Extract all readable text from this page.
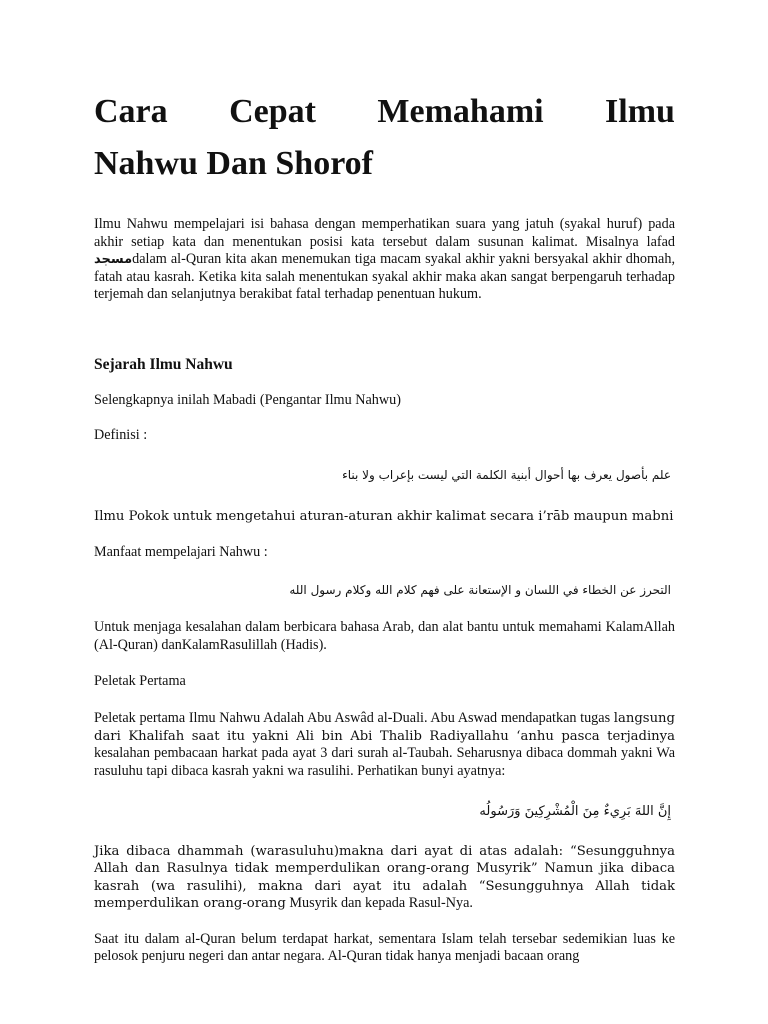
Cara Cepat Memahami Ilmu
Nahwu Dan Shorof

Ilmu Nahwu mempelajari isi bahasa dengan memperhatikan suara yang jatuh (syakal huruf) pada akhir setiap kata dan menentukan posisi kata tersebut dalam susunan kalimat. Misalnya lafad مسجدdalam al-Quran kita akan menemukan tiga macam syakal akhir yakni bersyakal akhir dhomah, fatah atau kasrah. Ketika kita salah menentukan syakal akhir maka akan sangat berpengaruh terhadap terjemah dan selanjutnya berakibat fatal terhadap penentuan hukum.

Sejarah Ilmu Nahwu

Selengkapnya inilah Mabadi (Pengantar Ilmu Nahwu)

Definisi :

علم بأصول يعرف بها أحوال أبنية الكلمة التي ليست بإعراب ولا بناء

Ilmu Pokok untuk mengetahui aturan-aturan akhir kalimat secara i’rāb maupun mabni

Manfaat mempelajari Nahwu :

التحرز عن الخطاء في اللسان و الإستعانة على فهم كلام الله وكلام رسول الله

Untuk menjaga kesalahan dalam berbicara bahasa Arab, dan alat bantu untuk memahami KalamAllah (Al-Quran) danKalamRasulillah (Hadis).

Peletak Pertama

Peletak pertama Ilmu Nahwu Adalah Abu Aswâd al-Duali. Abu Aswad mendapatkan tugas langsung dari Khalifah saat itu yakni Ali bin Abi Thalib Radiyallahu ‘anhu pasca terjadinya kesalahan pembacaan harkat pada ayat 3 dari surah al-Taubah. Seharusnya dibaca dommah yakni Wa rasuluhu tapi dibaca kasrah yakni wa rasulihi. Perhatikan bunyi ayatnya:

إِنَّ اللهَ بَرِيءٌ مِنَ الْمُشْرِكِينَ وَرَسُولُه

Jika dibaca dhammah (warasuluhu)makna dari ayat di atas adalah: “Sesungguhnya Allah dan Rasulnya tidak memperdulikan orang-orang Musyrik” Namun jika dibaca kasrah (wa rasulihi), makna dari ayat itu adalah “Sesungguhnya Allah tidak memperdulikan orang-orang Musyrik dan kepada Rasul-Nya.

Saat itu dalam al-Quran belum terdapat harkat, sementara Islam telah tersebar sedemikian luas ke pelosok penjuru negeri dan antar negara. Al-Quran tidak hanya menjadi bacaan orang
